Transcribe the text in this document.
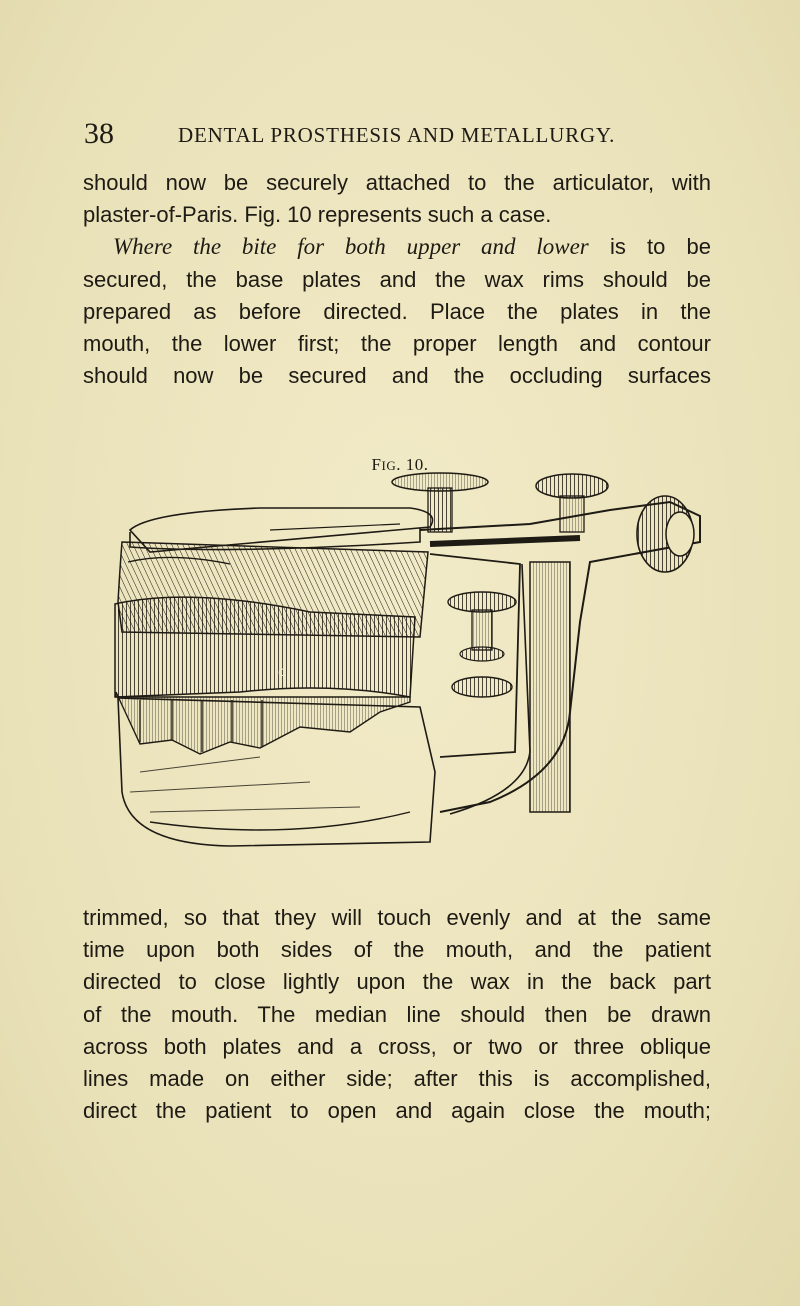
38	DENTAL PROSTHESIS AND METALLURGY.

should now be securely attached to the articulator, with
plaster-of-Paris. Fig. 10 represents such a case.
Where the bite for both upper and lower is to be
secured, the base plates and the wax rims should be
prepared as before directed. Place the plates in the
mouth, the lower first; the proper length and contour
should now be secured and the occluding surfaces

FIG. 10.
c

trimmed, so that they will touch evenly and at the same
time upon both sides of the mouth, and the patient
directed to close lightly upon the wax in the back part
of the mouth. The median line should then be drawn
across both plates and a cross, or two or three oblique
lines made on either side; after this is accomplished,
direct the patient to open and again close the mouth;
